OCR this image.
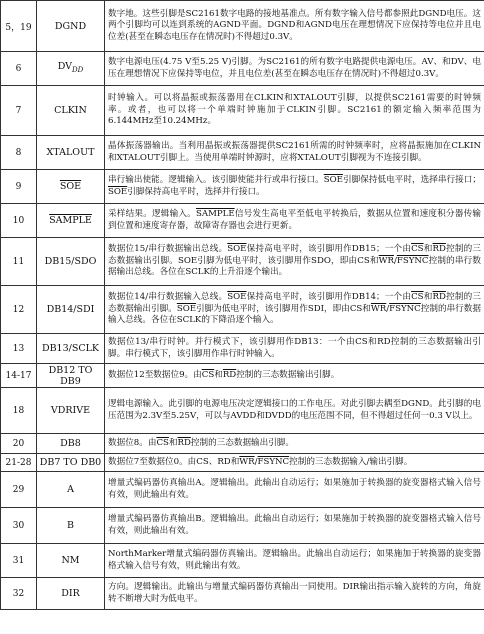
5，19	DGND	数字地。这些引脚是SC2161数字电路的接地基准点。所有数字输入信号都参照此DGND电压。这两个引脚均可以连到系统的AGND平面。DGND和AGND电压在理想情况下应保持等电位并且电位差(甚至在瞬态电压存在情况时)不得超过0.3V。
6	$DV_{DD}$	数字电源电压(4.75 V至5.25 V)引脚。为SC2161的所有数字电路提供电源电压。AV、和DV、电压在理想情况下应保持等电位，并且电位差(甚至在瞬态电压存在情况时)不得超过0.3V。
7	CLKIN	时钟输入。可以将晶振或振荡器用在CLKIN和XTALOUT引脚，以提供SC2161需要的时钟频率。或者，也可以将一个单端时钟施加于CLKIN引脚。SC2161的额定输入频率范围为6.144MHz至10.24MHz。
8	XTALOUT	晶体振荡器输出。当利用晶振或振荡器提供SC2161所需的时钟频率时，应将晶振施加在CLKIN和XTALOUT引脚上。当使用单端时钟源时，应将XTALOUT引脚视为不连接引脚。
9	$\overline{SOE}$	串行输出使能。逻辑输入。该引脚使能并行或串行接口。$\overline{SOE}$引脚保持低电平时，选择串行接口；$\overline{SOE}$引脚保持高电平时，选择并行接口。
10	SAMPLE	采样结果。逻辑输入。SAMPLE信号发生高电平至低电平转换后，数据从位置和速度积分器传输到位置和速度寄存器，故障寄存器也会进行更新。
11	DB15/SDO	数据位15/串行数据输出总线。$\overline{SOE}$保持高电平时，该引脚用作DB15；一个由$\overline{CS}$和$\overline{RD}$控制的三态数据输出引脚。SOE引脚为低电平时，该引脚用作SDO，即由CS和$\overline{WR}$/FSYNC控制的串行数据输出总线。各位在SCLK的上升沿逐个输出。
12	DB14/SDI	数据位14/串行数据输入总线。$\overline{SOE}$保持高电平时，该引脚用作DB14；一个由$\overline{CS}$和$\overline{RD}$控制的三态数据输出引脚。$\overline{SOE}$引脚为低电平时，该引脚用作SDI，即由CS和$\overline{WR}$/FSYNC控制的串行数据输入总线。各位在SCLK的下降沿逐个输入。
13	DB13/SCLK	数据位13/串行时钟。并行模式下，该引脚用作DB13：一个由CS和RD控制的三态数据输出引脚。串行模式下，该引脚用作串行时钟输入。
14-17	DB12 TO DB9	数据位12至数据位9。由$\overline{CS}$和$\overline{RD}$控制的三态数据输出引脚。
18	VDRIVE	逻辑电源输入。此引脚的电源电压决定逻辑接口的工作电压。对此引脚去耦至DGND。此引脚的电压范围为2.3V至5.25V，可以与AVDD和DVDD的电压范围不同，但不得超过任何一0.3 V以上。
20	DB8	数据位8。由$\overline{CS}$和$\overline{RD}$控制的三态数据输出引脚。
21-28	DB7 TO DB0	数据位7至数据位0。由CS、RD和$\overline{WR}$/FSYNC控制的三态数据输入/输出引脚。
29	A	增量式编码器仿真输出A。逻辑输出。此输出自动运行；如果施加于转换器的旋变器格式输入信号有效，则此输出有效。
30	B	增量式编码器仿真输出B。逻辑输出。此输出自动运行；如果施加于转换器的旋变器格式输入信号有效，则此输出有效。
31	NM	NorthMarker增量式编码器仿真输出。逻辑输出。此输出自动运行；如果施加于转换器的旋变器格式输入信号有效，则此输出有效。
32	DIR	方向。逻辑输出。此输出与增量式编码器仿真输出一同使用。DIR输出指示输入旋转的方向，角旋转不断增大时为低电平。
